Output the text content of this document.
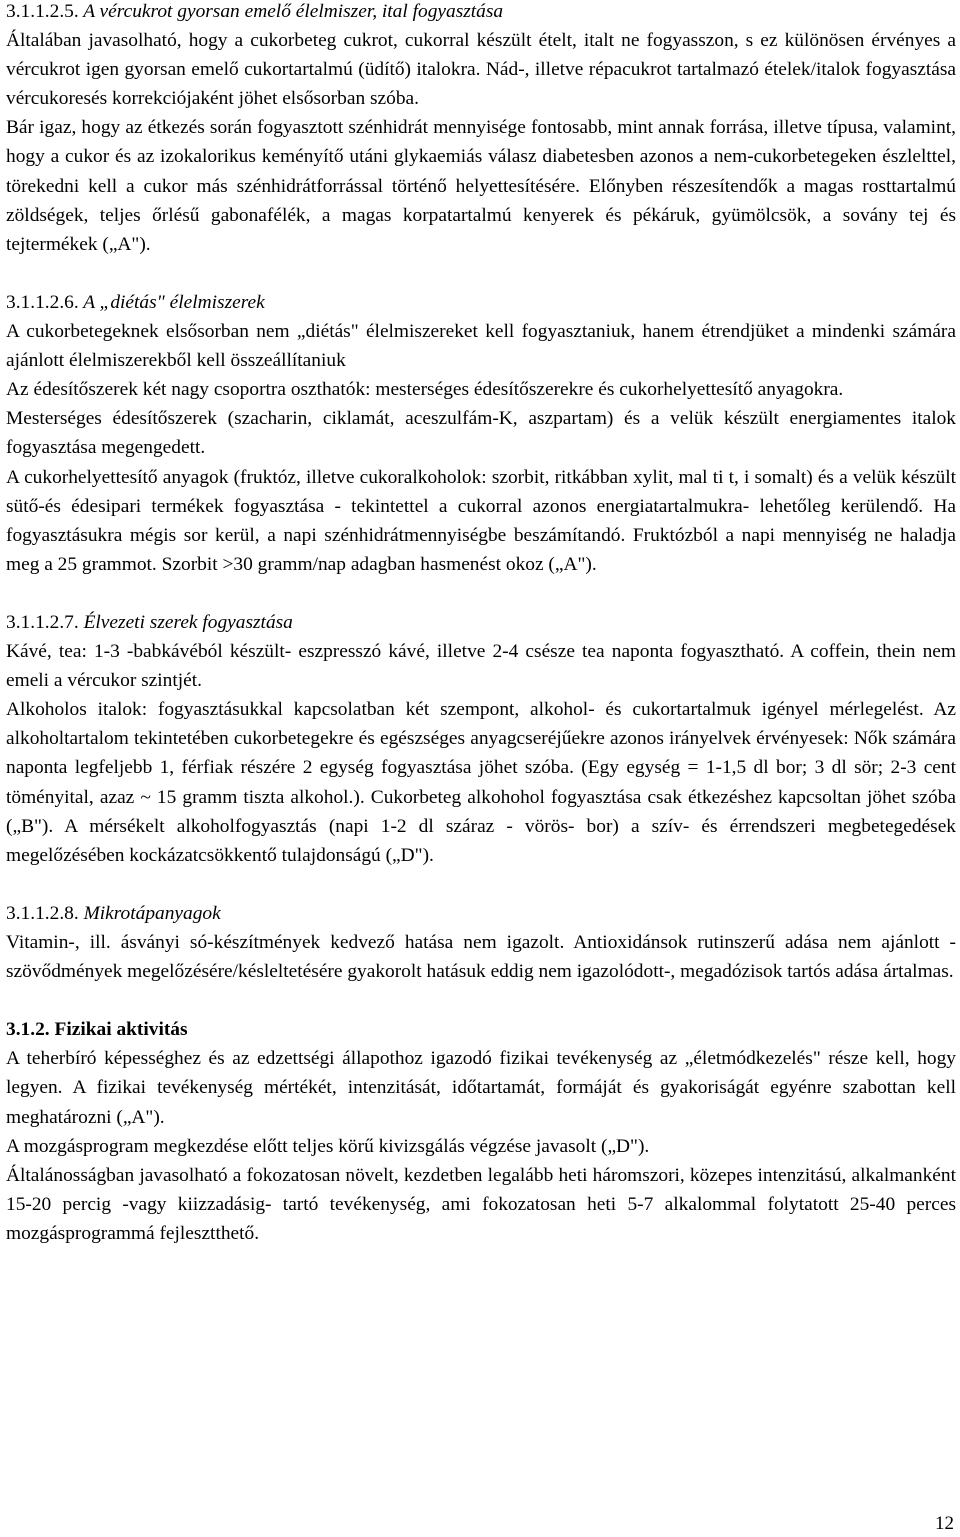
3.1.1.2.5. A vércukrot gyorsan emelő élelmiszer, ital fogyasztása

Általában javasolható, hogy a cukorbeteg cukrot, cukorral készült ételt, italt ne fogyasszon, s ez különösen érvényes a vércukrot igen gyorsan emelő cukortartalmú (üdítő) italokra. Nád-, illetve répacukrot tartalmazó ételek/italok fogyasztása vércukoresés korrekciójaként jöhet elsősorban szóba.

Bár igaz, hogy az étkezés során fogyasztott szénhidrát mennyisége fontosabb, mint annak forrása, illetve típusa, valamint, hogy a cukor és az izokalorikus keményítő utáni glykaemiás válasz diabetesben azonos a nem-cukorbetegeken észlelttel, törekedni kell a cukor más szénhidrátforrással történő helyettesítésére. Előnyben részesítendők a magas rosttartalmú zöldségek, teljes őrlésű gabonafélék, a magas korpatartalmú kenyerek és pékáruk, gyümölcsök, a sovány tej és tejtermékek („A").

3.1.1.2.6. A „diétás" élelmiszerek

A cukorbetegeknek elsősorban nem „diétás" élelmiszereket kell fogyasztaniuk, hanem étrendjüket a mindenki számára ajánlott élelmiszerekből kell összeállítaniuk

Az édesítőszerek két nagy csoportra oszthatók: mesterséges édesítőszerekre és cukorhelyettesítő anyagokra.

Mesterséges édesítőszerek (szacharin, ciklamát, aceszulfám-K, aszpartam) és a velük készült energiamentes italok fogyasztása megengedett.

A cukorhelyettesítő anyagok (fruktóz, illetve cukoralkoholok: szorbit, ritkábban xylit, mal ti t, i somalt) és a velük készült sütő-és édesipari termékek fogyasztása - tekintettel a cukorral azonos energiatartalmukra- lehetőleg kerülendő. Ha fogyasztásukra mégis sor kerül, a napi szénhidrátmennyiségbe beszámítandó. Fruktózból a napi mennyiség ne haladja meg a 25 grammot. Szorbit >30 gramm/nap adagban hasmenést okoz („A").

3.1.1.2.7. Élvezeti szerek fogyasztása

Kávé, tea: 1-3 -babkávéból készült- eszpresszó kávé, illetve 2-4 csésze tea naponta fogyasztható. A coffein, thein nem emeli a vércukor szintjét.

Alkoholos italok: fogyasztásukkal kapcsolatban két szempont, alkohol- és cukortartalmuk igényel mérlegelést. Az alkoholtartalom tekintetében cukorbetegekre és egészséges anyagcseréjűekre azonos irányelvek érvényesek: Nők számára naponta legfeljebb 1, férfiak részére 2 egység fogyasztása jöhet szóba. (Egy egység = 1-1,5 dl bor; 3 dl sör; 2-3 cent töményital, azaz ~ 15 gramm tiszta alkohol.). Cukorbeteg alkohohol fogyasztása csak étkezéshez kapcsoltan jöhet szóba („B"). A mérsékelt alkoholfogyasztás (napi 1-2 dl száraz - vörös- bor) a szív- és érrendszeri megbetegedések megelőzésében kockázatcsökkentő tulajdonságú („D").

3.1.1.2.8. Mikrotápanyagok

Vitamin-, ill. ásványi só-készítmények kedvező hatása nem igazolt. Antioxidánsok rutinszerű adása nem ajánlott -szövődmények megelőzésére/késleltetésére gyakorolt hatásuk eddig nem igazolódott-, megadózisok tartós adása ártalmas.

3.1.2. Fizikai aktivitás

A teherbíró képességhez és az edzettségi állapothoz igazodó fizikai tevékenység az „életmódkezelés" része kell, hogy legyen. A fizikai tevékenység mértékét, intenzitását, időtartamát, formáját és gyakoriságát egyénre szabottan kell meghatározni („A").

A mozgásprogram megkezdése előtt teljes körű kivizsgálás végzése javasolt („D").

Általánosságban javasolható a fokozatosan növelt, kezdetben legalább heti háromszori, közepes intenzitású, alkalmanként 15-20 percig -vagy kiizzadásig- tartó tevékenység, ami fokozatosan heti 5-7 alkalommal folytatott 25-40 perces mozgásprogrammá fejlesztthető.

12
